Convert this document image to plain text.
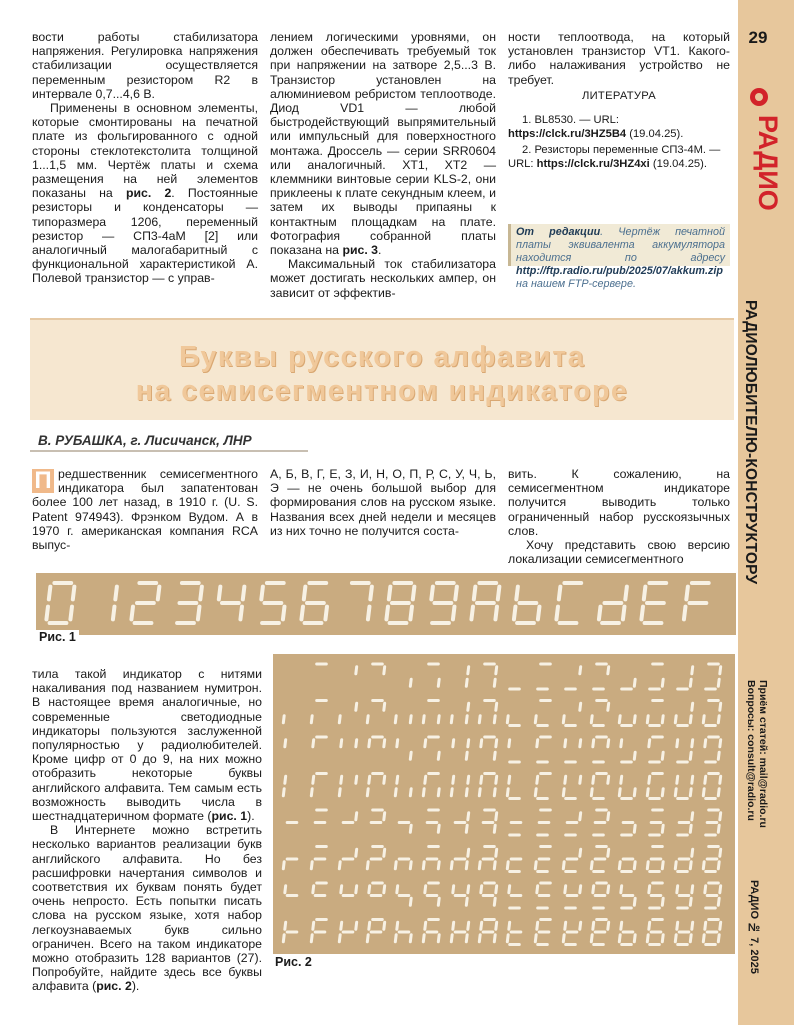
29
РАДИО
РАДИОЛЮБИТЕЛЮ-КОНСТРУКТОРУ
Приём статей: mail@radio.ru
Вопросы: consult@radio.ru
РАДИО № 7, 2025

вости работы стабилизатора напряжения. Регулировка напряжения стабилизации осуществляется переменным резистором R2 в интервале 0,7...4,6 В.

Применены в основном элементы, которые смонтированы на печатной плате из фольгированного с одной стороны стеклотекстолита толщиной 1...1,5 мм. Чертёж платы и схема размещения на ней элементов показаны на рис. 2. Постоянные резисторы и конденсаторы — типоразмера 1206, переменный резистор — СП3-4аМ [2] или аналогичный малогабаритный с функциональной характеристикой А. Полевой транзистор — с управ-

лением логическими уровнями, он должен обеспечивать требуемый ток при напряжении на затворе 2,5...3 В. Транзистор установлен на алюминиевом ребристом теплоотводе. Диод VD1 — любой быстродействующий выпрямительный или импульсный для поверхностного монтажа. Дроссель — серии SRR0604 или аналогичный. XT1, XT2 — клеммники винтовые серии KLS-2, они приклеены к плате секундным клеем, и затем их выводы припаяны к контактным площадкам на плате. Фотография собранной платы показана на рис. 3.

Максимальный ток стабилизатора может достигать нескольких ампер, он зависит от эффектив-

ности теплоотвода, на который установлен транзистор VT1. Какого-либо налаживания устройство не требует.

ЛИТЕРАТУРА

1. BL8530. — URL: https://clck.ru/3HZ5B4 (19.04.25).

2. Резисторы переменные СП3-4М. — URL: https://clck.ru/3HZ4xi (19.04.25).

От редакции. Чертёж печатной платы эквивалента аккумулятора находится по адресу http://ftp.radio.ru/pub/2025/07/akkum.zip на нашем FTP-сервере.
Буквы русского алфавита
на семисегментном индикаторе
В. РУБАШКА, г. Лисичанск, ЛНР

П редшественник семисегментного индикатора был запатентован более 100 лет назад, в 1910 г. (U. S. Patent 974943). Фрэнком Вудом. А в 1970 г. американская компания RCA выпус-

А, Б, В, Г, Е, З, И, Н, О, П, Р, С, У, Ч, Ь, Э — не очень большой выбор для формирования слов на русском языке. Названия всех дней недели и месяцев из них точно не получится соста-

вить. К сожалению, на семисегментном индикаторе получится выводить только ограниченный набор русскоязычных слов.

Хочу представить свою версию локализации семисегментного

Рис. 1

тила такой индикатор с нитями накаливания под названием нумитрон. В настоящее время аналогичные, но современные светодиодные индикаторы пользуются заслуженной популярностью у радиолюбителей. Кроме цифр от 0 до 9, на них можно отобразить некоторые буквы английского алфавита. Тем самым есть возможность выводить числа в шестнадцатеричном формате (рис. 1).

В Интернете можно встретить несколько вариантов реализации букв английского алфавита. Но без расшифровки начертания символов и соответствия их буквам понять будет очень непросто. Есть попытки писать слова на русском языке, хотя набор легкоузнаваемых букв сильно ограничен. Всего на таком индикаторе можно отобразить 128 вариантов (27). Попробуйте, найдите здесь все буквы алфавита (рис. 2).

Рис. 2
